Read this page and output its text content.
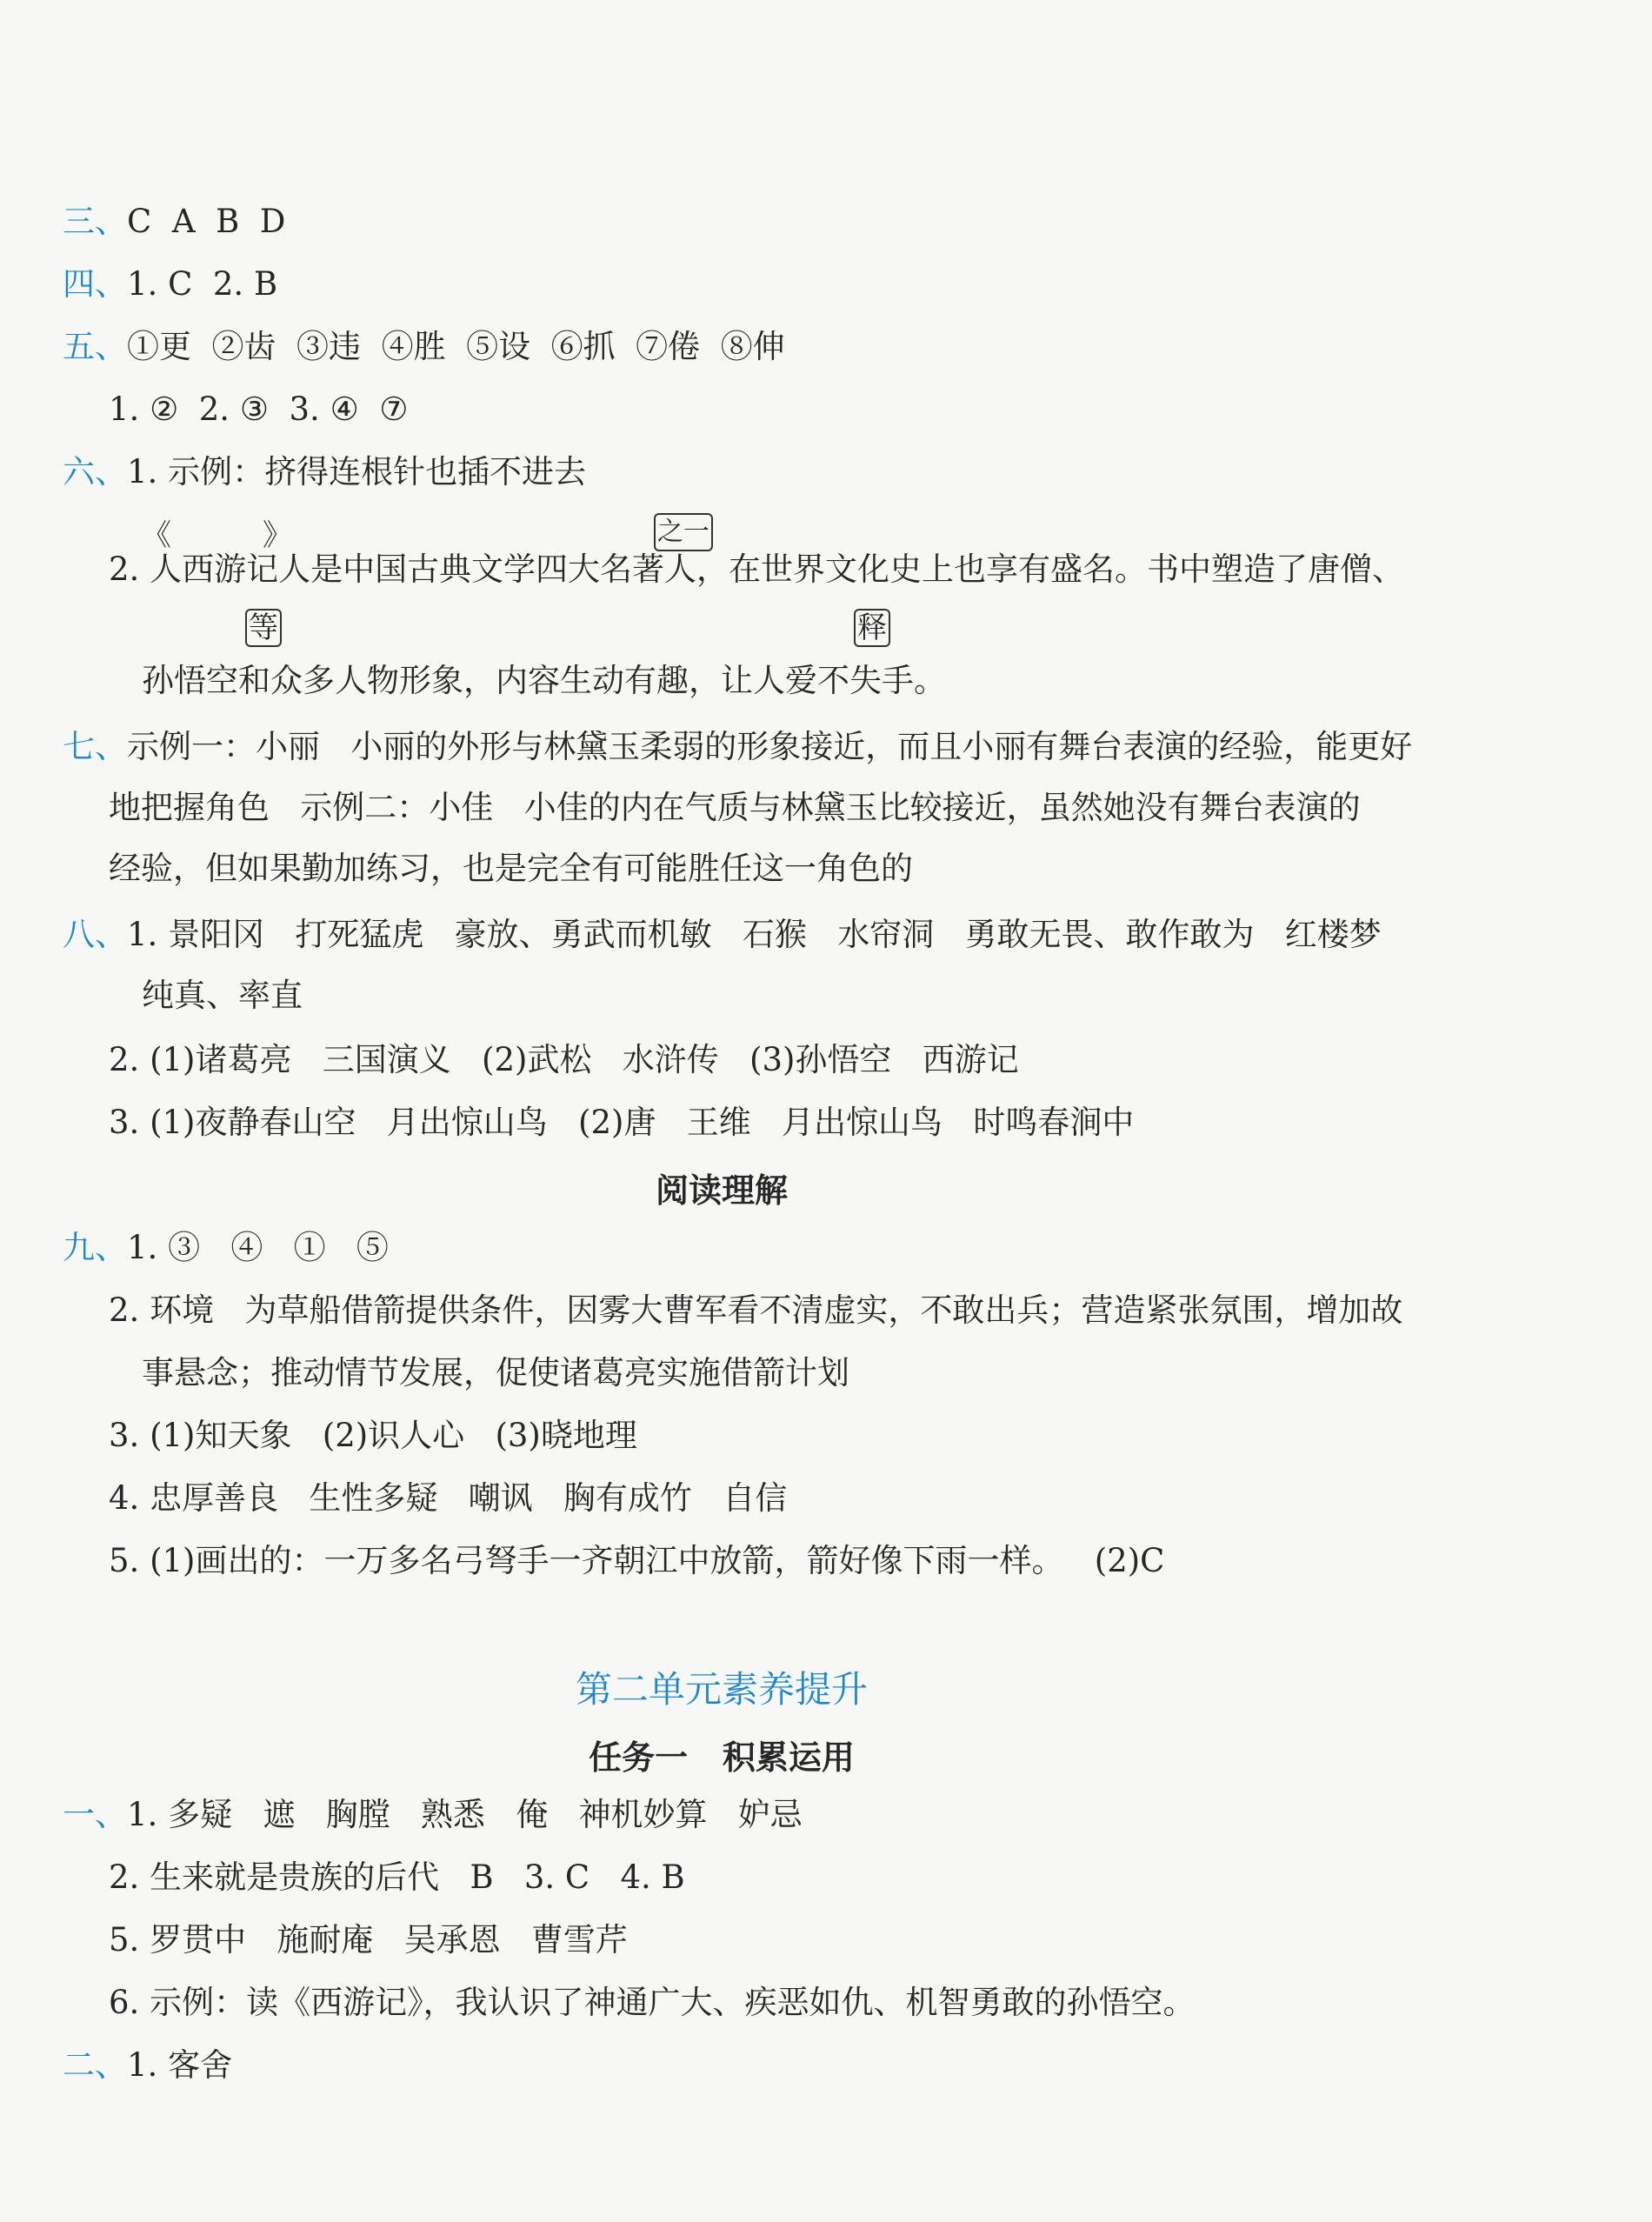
《	》	之一
等	释
三、C  A  B  D
四、1. C  2. B
五、①更  ②齿  ③违  ④胜  ⑤设  ⑥抓  ⑦倦  ⑧伸
1. ②  2. ③  3. ④  ⑦
六、1. 示例：挤得连根针也插不进去
2. 人西游记人是中国古典文学四大名著人，在世界文化史上也享有盛名。书中塑造了唐僧、
孙悟空和众多人物形象，内容生动有趣，让人爱不失手。
七、示例一：小丽   小丽的外形与林黛玉柔弱的形象接近，而且小丽有舞台表演的经验，能更好
地把握角色   示例二：小佳   小佳的内在气质与林黛玉比较接近，虽然她没有舞台表演的
经验，但如果勤加练习，也是完全有可能胜任这一角色的
八、1. 景阳冈   打死猛虎   豪放、勇武而机敏   石猴   水帘洞   勇敢无畏、敢作敢为   红楼梦
纯真、率直
2. (1)诸葛亮   三国演义   (2)武松   水浒传   (3)孙悟空   西游记
3. (1)夜静春山空   月出惊山鸟   (2)唐   王维   月出惊山鸟   时鸣春涧中
阅读理解
九、1. ③   ④   ①   ⑤
2. 环境   为草船借箭提供条件，因雾大曹军看不清虚实，不敢出兵；营造紧张氛围，增加故
事悬念；推动情节发展，促使诸葛亮实施借箭计划
3. (1)知天象   (2)识人心   (3)晓地理
4. 忠厚善良   生性多疑   嘲讽   胸有成竹   自信
5. (1)画出的：一万多名弓弩手一齐朝江中放箭，箭好像下雨一样。   (2)C
第二单元素养提升
任务一   积累运用
一、1. 多疑   遮   胸膛   熟悉   俺   神机妙算   妒忌
2. 生来就是贵族的后代   B   3. C   4. B
5. 罗贯中   施耐庵   吴承恩   曹雪芹
6. 示例：读《西游记》，我认识了神通广大、疾恶如仇、机智勇敢的孙悟空。
二、1. 客舍
